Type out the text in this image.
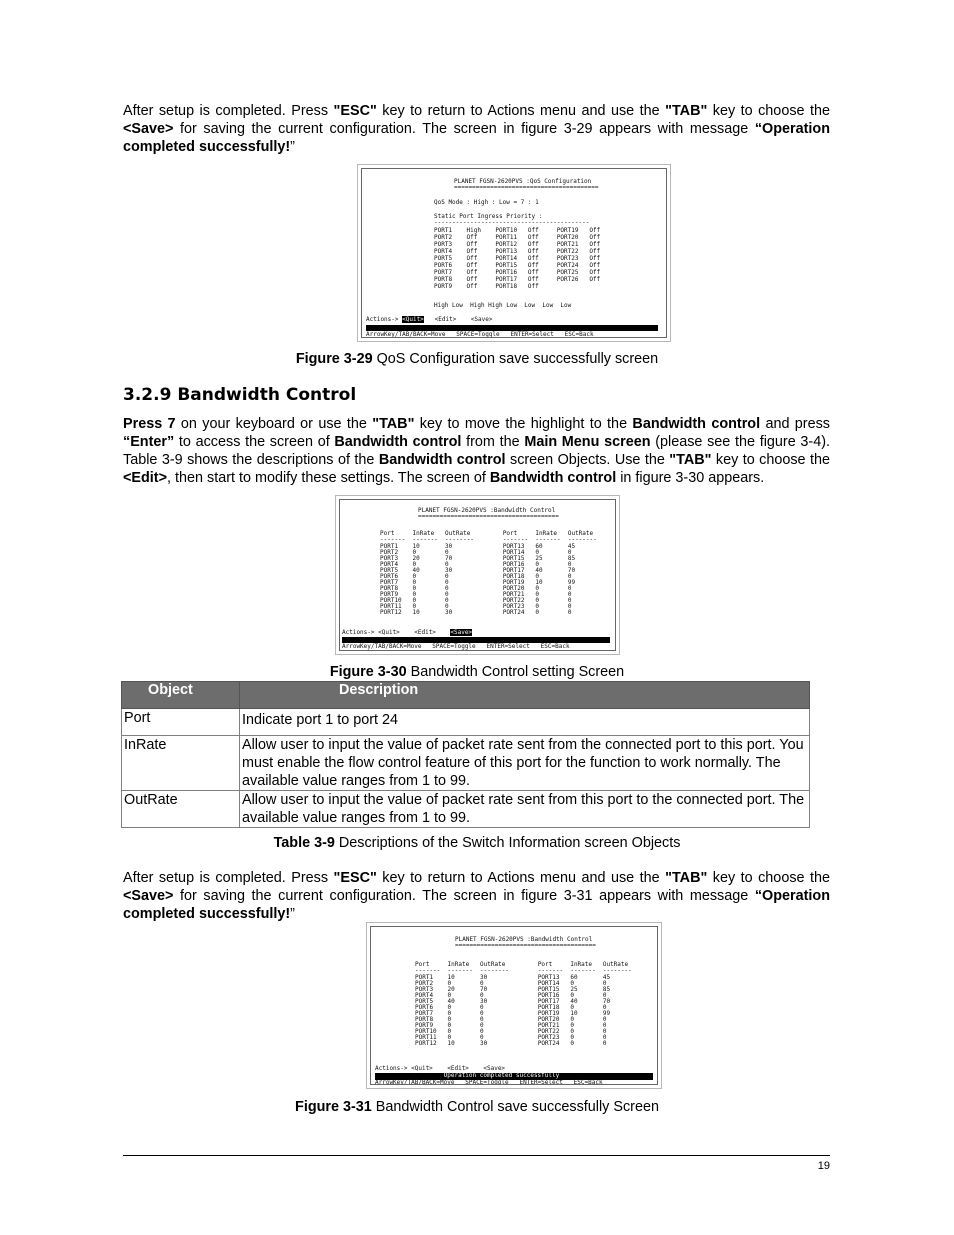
After setup is completed. Press "ESC" key to return to Actions menu and use the "TAB" key to choose the <Save> for saving the current configuration. The screen in figure 3-29 appears with message “Operation completed successfully!”

PLANET FGSN-2620PVS :QoS Configuration
========================================
QoS Mode : High : Low = 7 : 1
Static Port Ingress Priority :
-------------------------------------------
PORT1    High    PORT10   Off     PORT19   Off
PORT2    Off     PORT11   Off     PORT20   Off
PORT3    Off     PORT12   Off     PORT21   Off
PORT4    Off     PORT13   Off     PORT22   Off
PORT5    Off     PORT14   Off     PORT23   Off
PORT6    Off     PORT15   Off     PORT24   Off
PORT7    Off     PORT16   Off     PORT25   Off
PORT8    Off     PORT17   Off     PORT26   Off
PORT9    Off     PORT18   Off
High Low  High High Low  Low  Low  Low
Actions-> <Quit>   <Edit>    <Save>
ArrowKey/TAB/BACK=Move   SPACE=Toggle   ENTER=Select   ESC=Back

Figure 3-29 QoS Configuration save successfully screen

3.2.9 Bandwidth Control

Press 7 on your keyboard or use the "TAB" key to move the highlight to the Bandwidth control and press “Enter” to access the screen of Bandwidth control from the Main Menu screen (please see the figure 3-4). Table 3-9 shows the descriptions of the Bandwidth control screen Objects. Use the "TAB" key to choose the <Edit>, then start to modify these settings. The screen of Bandwidth control in figure 3-30 appears.

PLANET FGSN-2620PVS :Bandwidth Control
=======================================
Port     InRate   OutRate         Port     InRate   OutRate
-------  -------  --------        -------  -------  --------
PORT1    10       30              PORT13   60       45
PORT2    0        0               PORT14   0        0
PORT3    20       70              PORT15   25       85
PORT4    0        0               PORT16   0        0
PORT5    40       30              PORT17   40       70
PORT6    0        0               PORT18   0        0
PORT7    0        0               PORT19   10       99
PORT8    0        0               PORT20   0        0
PORT9    0        0               PORT21   0        0
PORT10   0        0               PORT22   0        0
PORT11   0        0               PORT23   0        0
PORT12   10       30              PORT24   0        0
Actions-> <Quit>    <Edit>    <Save>
ArrowKey/TAB/BACK=Move   SPACE=Toggle   ENTER=Select   ESC=Back

Figure 3-30 Bandwidth Control setting Screen

Object	Description
Port	Indicate port 1 to port 24
InRate	Allow user to input the value of packet rate sent from the connected port to this port. You must enable the flow control feature of this port for the function to work normally. The available value ranges from 1 to 99.
OutRate	Allow user to input the value of packet rate sent from this port to the connected port. The available value ranges from 1 to 99.

Table 3-9 Descriptions of the Switch Information screen Objects

After setup is completed. Press "ESC" key to return to Actions menu and use the "TAB" key to choose the <Save> for saving the current configuration. The screen in figure 3-31 appears with message “Operation completed successfully!”

PLANET FGSN-2620PVS :Bandwidth Control
=======================================
Port     InRate   OutRate         Port     InRate   OutRate
-------  -------  --------        -------  -------  --------
PORT1    10       30              PORT13   60       45
PORT2    0        0               PORT14   0        0
PORT3    20       70              PORT15   25       85
PORT4    0        0               PORT16   0        0
PORT5    40       30              PORT17   40       70
PORT6    0        0               PORT18   0        0
PORT7    0        0               PORT19   10       99
PORT8    0        0               PORT20   0        0
PORT9    0        0               PORT21   0        0
PORT10   0        0               PORT22   0        0
PORT11   0        0               PORT23   0        0
PORT12   10       30              PORT24   0        0
Actions-> <Quit>    <Edit>    <Save>
Operation completed successfully
ArrowKey/TAB/BACK=Move   SPACE=Toggle   ENTER=Select   ESC=Back

Figure 3-31 Bandwidth Control save successfully Screen

19
